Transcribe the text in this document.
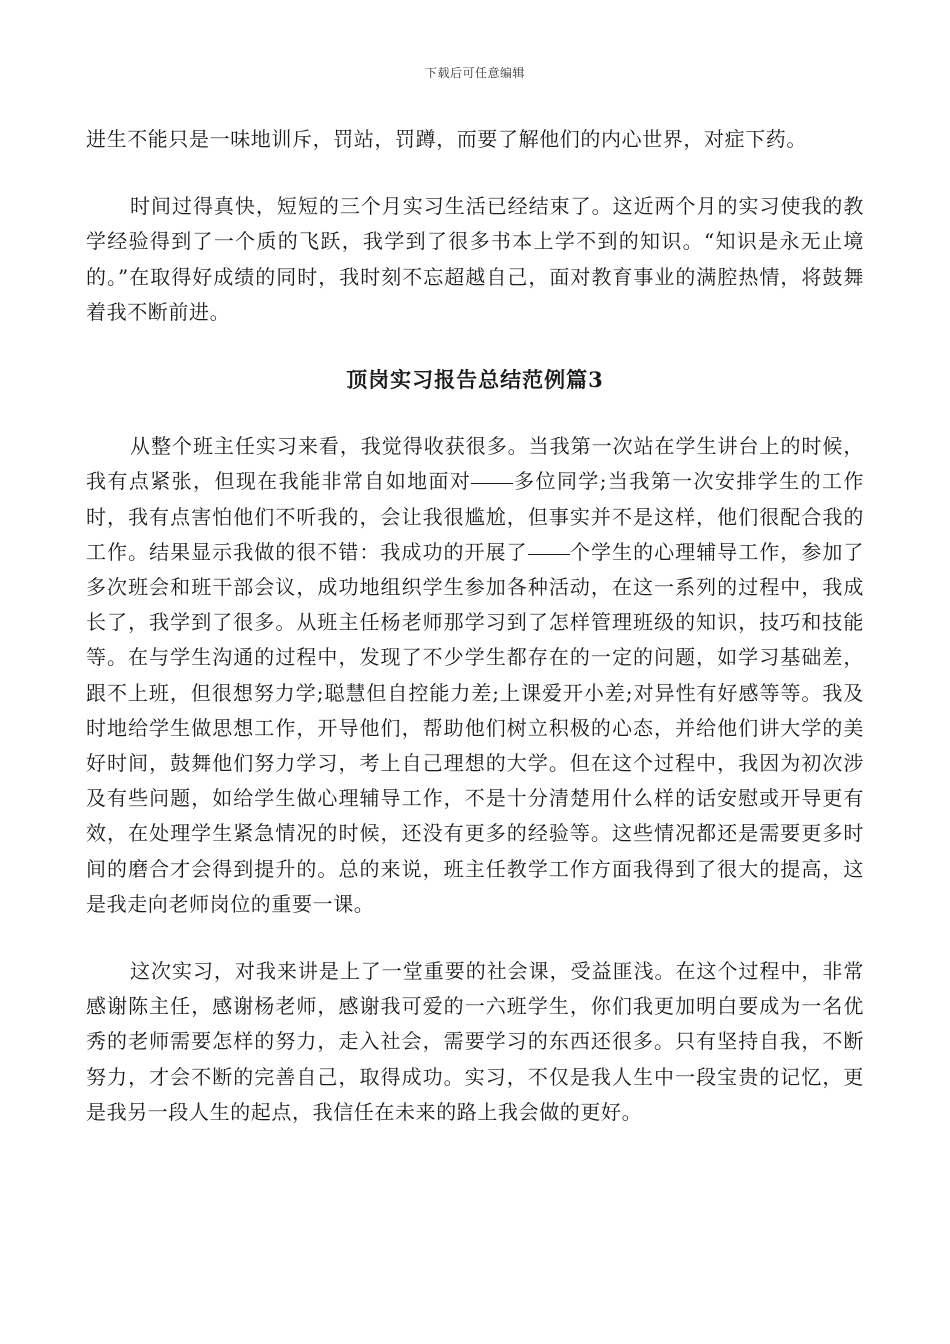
下载后可任意编辑

进生不能只是一味地训斥，罚站，罚蹲，而要了解他们的内心世界，对症下药。

时间过得真快，短短的三个月实习生活已经结束了。这近两个月的实习使我的教学经验得到了一个质的飞跃，我学到了很多书本上学不到的知识。“知识是永无止境的。”在取得好成绩的同时，我时刻不忘超越自己，面对教育事业的满腔热情，将鼓舞着我不断前进。

顶岗实习报告总结范例篇3

从整个班主任实习来看，我觉得收获很多。当我第一次站在学生讲台上的时候，我有点紧张，但现在我能非常自如地面对 多位同学;当我第一次安排学生的工作时，我有点害怕他们不听我的，会让我很尴尬，但事实并不是这样，他们很配合我的工作。结果显示我做的很不错：我成功的开展了 个学生的心理辅导工作，参加了多次班会和班干部会议，成功地组织学生参加各种活动，在这一系列的过程中，我成长了，我学到了很多。从班主任杨老师那学习到了怎样管理班级的知识，技巧和技能等。在与学生沟通的过程中，发现了不少学生都存在的一定的问题，如学习基础差，跟不上班，但很想努力学;聪慧但自控能力差;上课爱开小差;对异性有好感等等。我及时地给学生做思想工作，开导他们，帮助他们树立积极的心态，并给他们讲大学的美好时间，鼓舞他们努力学习，考上自己理想的大学。但在这个过程中，我因为初次涉及有些问题，如给学生做心理辅导工作，不是十分清楚用什么样的话安慰或开导更有效，在处理学生紧急情况的时候，还没有更多的经验等。这些情况都还是需要更多时间的磨合才会得到提升的。总的来说，班主任教学工作方面我得到了很大的提高，这是我走向老师岗位的重要一课。

这次实习，对我来讲是上了一堂重要的社会课，受益匪浅。在这个过程中，非常感谢陈主任，感谢杨老师，感谢我可爱的一六班学生，你们我更加明白要成为一名优秀的老师需要怎样的努力，走入社会，需要学习的东西还很多。只有坚持自我，不断努力，才会不断的完善自己，取得成功。实习，不仅是我人生中一段宝贵的记忆，更是我另一段人生的起点，我信任在未来的路上我会做的更好。
